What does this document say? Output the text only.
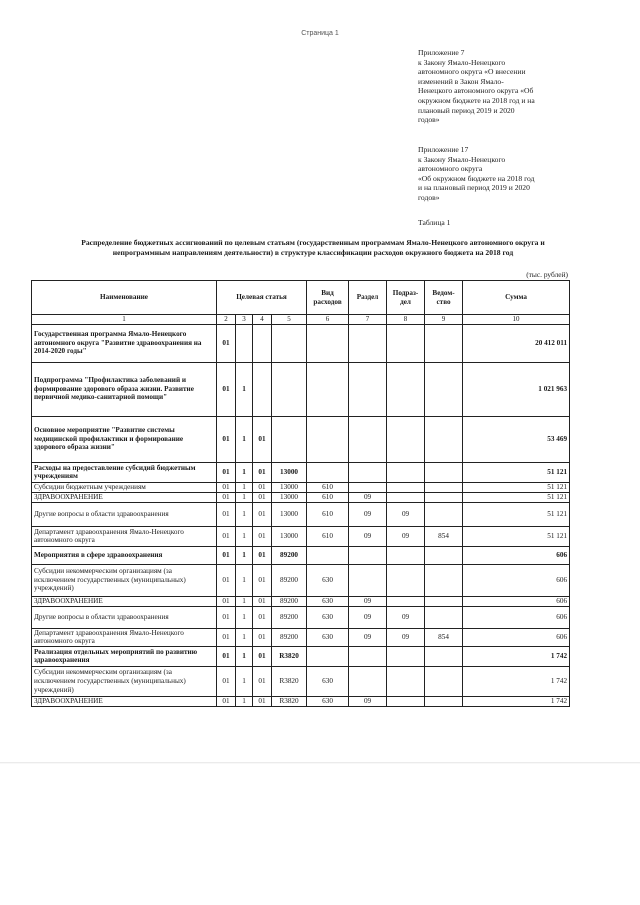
Страница 1
Приложение 7
к Закону Ямало-Ненецкого
автономного округа «О внесении
изменений в Закон Ямало-
Ненецкого автономного округа «Об
окружном бюджете на 2018 год и на
плановый период 2019 и 2020
годов»
Приложение 17
к Закону Ямало-Ненецкого
автономного округа
«Об окружном бюджете на 2018 год
и на плановый период 2019 и 2020
годов»
Таблица 1
Распределение бюджетных ассигнований по целевым статьям (государственным программам Ямало-Ненецкого автономного округа и непрограммным направлениям деятельности) в структуре классификации расходов окружного бюджета на 2018 год
(тыс. рублей)
Наименование	Целевая статья				Вид расходов	Раздел	Подраз-дел	Ведом-ство	Сумма
1	2	3	4	5	6	7	8	9	10
Государственная программа Ямало-Ненецкого автономного округа "Развитие здравоохранения на 2014-2020 годы"	01								20 412 011
Подпрограмма "Профилактика заболеваний и формирование здорового образа жизни. Развитие первичной медико-санитарной помощи"	01	1							1 021 963
Основное мероприятие "Развитие системы медицинской профилактики и формирование здорового образа жизни"	01	1	01						53 469
Расходы на предоставление субсидий бюджетным учреждениям	01	1	01	13000					51 121
Субсидии бюджетным учреждениям	01	1	01	13000	610				51 121
ЗДРАВООХРАНЕНИЕ	01	1	01	13000	610	09			51 121
Другие вопросы в области здравоохранения	01	1	01	13000	610	09	09		51 121
Департамент здравоохранения Ямало-Ненецкого автономного округа	01	1	01	13000	610	09	09	854	51 121
Мероприятия в сфере здравоохранения	01	1	01	89200					606
Субсидии некоммерческим организациям (за исключением государственных (муниципальных) учреждений)	01	1	01	89200	630				606
ЗДРАВООХРАНЕНИЕ	01	1	01	89200	630	09			606
Другие вопросы в области здравоохранения	01	1	01	89200	630	09	09		606
Департамент здравоохранения Ямало-Ненецкого автономного округа	01	1	01	89200	630	09	09	854	606
Реализация отдельных мероприятий по развитию здравоохранения	01	1	01	R3820					1 742
Субсидии некоммерческим организациям (за исключением государственных (муниципальных) учреждений)	01	1	01	R3820	630				1 742
ЗДРАВООХРАНЕНИЕ	01	1	01	R3820	630	09			1 742
